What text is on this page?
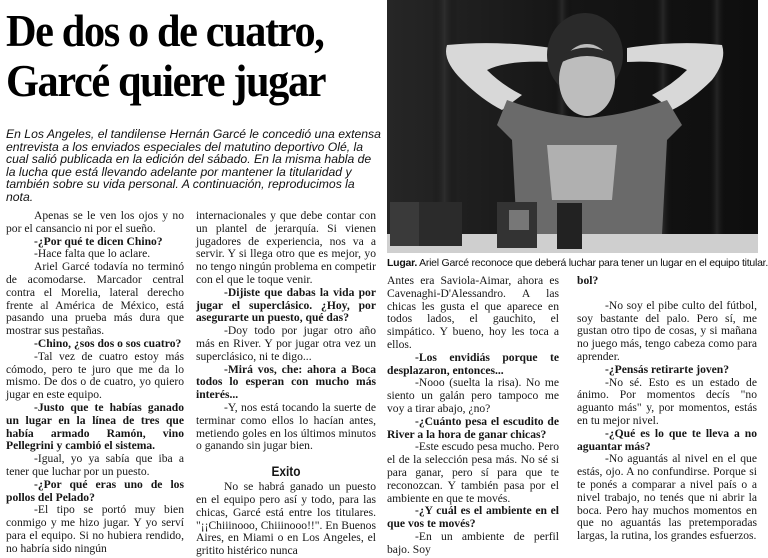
De dos o de cuatro,
Garcé quiere jugar
En Los Angeles, el tandilense Hernán Garcé le concedió una extensa entrevista a los enviados especiales del matutino deportivo Olé, la cual salió publicada en la edición del sábado. En la misma habla de la lucha que está llevando adelante por mantener la titularidad y también sobre su vida personal. A continuación, reproducimos la nota.
Lugar. Ariel Garcé reconoce que deberá luchar para tener un lugar en el equipo titular.

Apenas se le ven los ojos y no por el cansancio ni por el sueño.

-¿Por qué te dicen Chino?

-Hace falta que lo aclare.

Ariel Garcé todavía no terminó de acomodarse. Marcador central contra el Morelia, lateral derecho frente al América de México, está pasando una prueba más dura que mostrar sus pestañas.

-Chino, ¿sos dos o sos cuatro?

-Tal vez de cuatro estoy más cómodo, pero te juro que me da lo mismo. De dos o de cuatro, yo quiero jugar en este equipo.

-Justo que te habías ganado un lugar en la línea de tres que había armado Ramón, vino Pellegrini y cambió el sistema.

-Igual, yo ya sabía que iba a tener que luchar por un puesto.

-¿Por qué eras uno de los pollos del Pelado?

-El tipo se portó muy bien conmigo y me hizo jugar. Y yo serví para el equipo. Si no hubiera rendido, no habría sido ningún

internacionales y que debe contar con un plantel de jerarquía. Si vienen jugadores de experiencia, nos va a servir. Y si llega otro que es mejor, yo no tengo ningún problema en competir con el que le toque venir.

-Dijiste que dabas la vida por jugar el superclásico. ¿Hoy, por asegurarte un puesto, qué das?

-Doy todo por jugar otro año más en River. Y por jugar otra vez un superclásico, ni te digo...

-Mirá vos, che: ahora a Boca todos lo esperan con mucho más interés...

-Y, nos está tocando la suerte de terminar como ellos lo hacían antes, metiendo goles en los últimos minutos o ganando sin jugar bien.

Exito

No se habrá ganado un puesto en el equipo pero así y todo, para las chicas, Garcé está entre los titulares. "¡¡Chiiinooo, Chiiinooo!!". En Buenos Aires, en Miami o en Los Angeles, el gritito histérico nunca

Antes era Saviola-Aimar, ahora es Cavenaghi-D'Alessandro. A las chicas les gusta el que aparece en todos lados, el gauchito, el simpático. Y bueno, hoy les toca a ellos.

-Los envidiás porque te desplazaron, entonces...

-Nooo (suelta la risa). No me siento un galán pero tampoco me voy a tirar abajo, ¿no?

-¿Cuánto pesa el escudito de River a la hora de ganar chicas?

-Este escudo pesa mucho. Pero el de la selección pesa más. No sé si para ganar, pero sí para que te reconozcan. Y también pasa por el ambiente en que te movés.

-¿Y cuál es el ambiente en el que vos te movés?

-En un ambiente de perfil bajo. Soy

bol?

-No soy el pibe culto del fútbol, soy bastante del palo. Pero sí, me gustan otro tipo de cosas, y si mañana no juego más, tengo cabeza como para aprender.

-¿Pensás retirarte joven?

-No sé. Esto es un estado de ánimo. Por momentos decís "no aguanto más" y, por momentos, estás en tu mejor nivel.

-¿Qué es lo que te lleva a no aguantar más?

-No aguantás al nivel en el que estás, ojo. A no confundirse. Porque si te ponés a comparar a nivel país o a nivel trabajo, no tenés que ni abrir la boca. Pero hay muchos momentos en que no aguantás las pretemporadas largas, la rutina, los grandes esfuerzos.
